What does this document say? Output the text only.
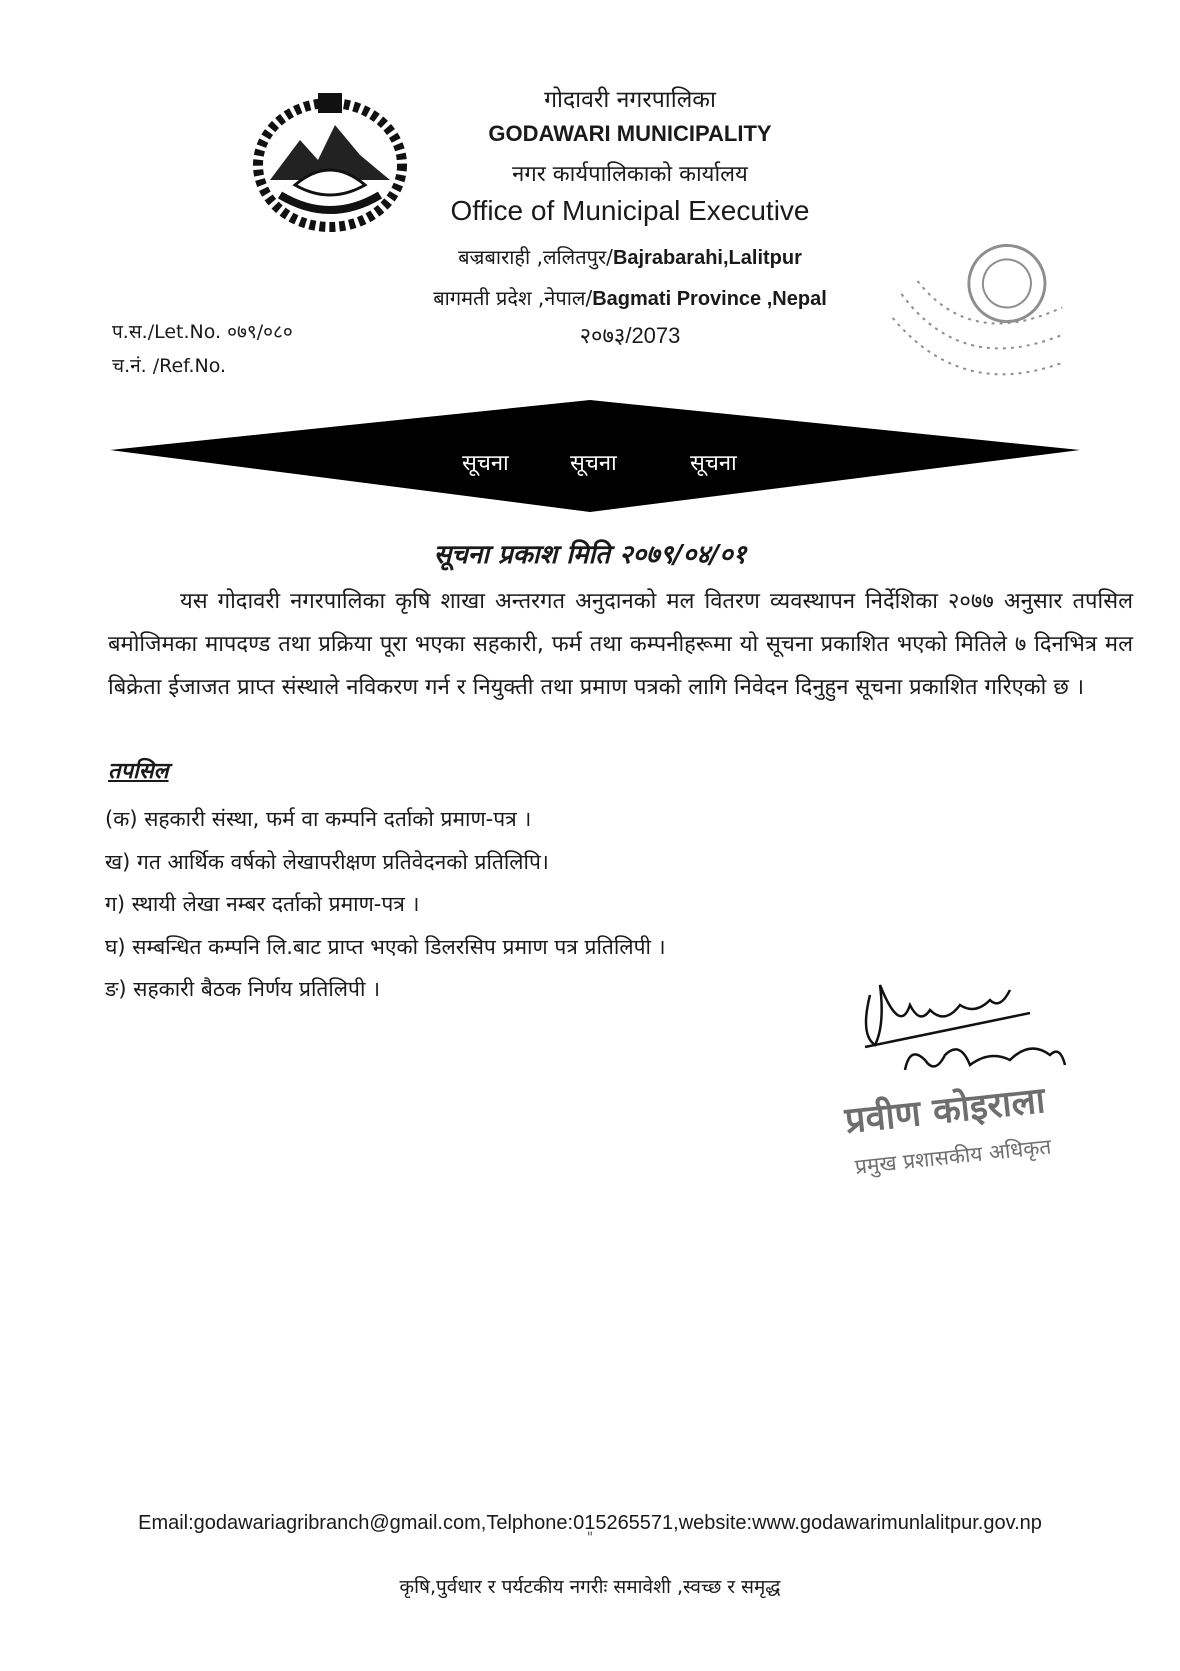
गोदावरी नगरपालिका
GODAWARI MUNICIPALITY
नगर कार्यपालिकाको कार्यालय
Office of Municipal Executive
बज्रबाराही ,ललितपुर/Bajrabarahi,Lalitpur
बागमती प्रदेश ,नेपाल/Bagmati Province ,Nepal
२०७३/2073
प.स./Let.No. ०७९/०८०
च.नं. /Ref.No.
सूचना	सूचना	सूचना
सूचना प्रकाश मिति २०७९/०४/०१
यस गोदावरी नगरपालिका कृषि शाखा अन्तरगत अनुदानको मल वितरण व्यवस्थापन निर्देशिका २०७७ अनुसार तपसिल बमोजिमका मापदण्ड तथा प्रक्रिया पूरा भएका सहकारी, फर्म तथा कम्पनीहरूमा यो सूचना प्रकाशित भएको मितिले ७ दिनभित्र मल बिक्रेता ईजाजत प्राप्त संस्थाले नविकरण गर्न र नियुक्ती तथा प्रमाण पत्रको लागि निवेदन दिनुहुन सूचना प्रकाशित गरिएको छ ।
तपसिल
(क) सहकारी संस्था, फर्म वा कम्पनि दर्ताको प्रमाण-पत्र ।
ख) गत आर्थिक वर्षको लेखापरीक्षण प्रतिवेदनको प्रतिलिपि।
ग) स्थायी लेखा नम्बर दर्ताको प्रमाण-पत्र ।
घ) सम्बन्धित कम्पनि लि.बाट प्राप्त भएको डिलरसिप प्रमाण पत्र प्रतिलिपी ।
ङ) सहकारी बैठक निर्णय प्रतिलिपी ।
प्रवीण कोइराला
प्रमुख प्रशासकीय अधिकृत
Email:godawariagribranch@gmail.com,Telphone:015265571,website:www.godawarimunlalitpur.gov.np
"
कृषि,पुर्वधार र पर्यटकीय नगरीः समावेशी ,स्वच्छ र समृद्ध
